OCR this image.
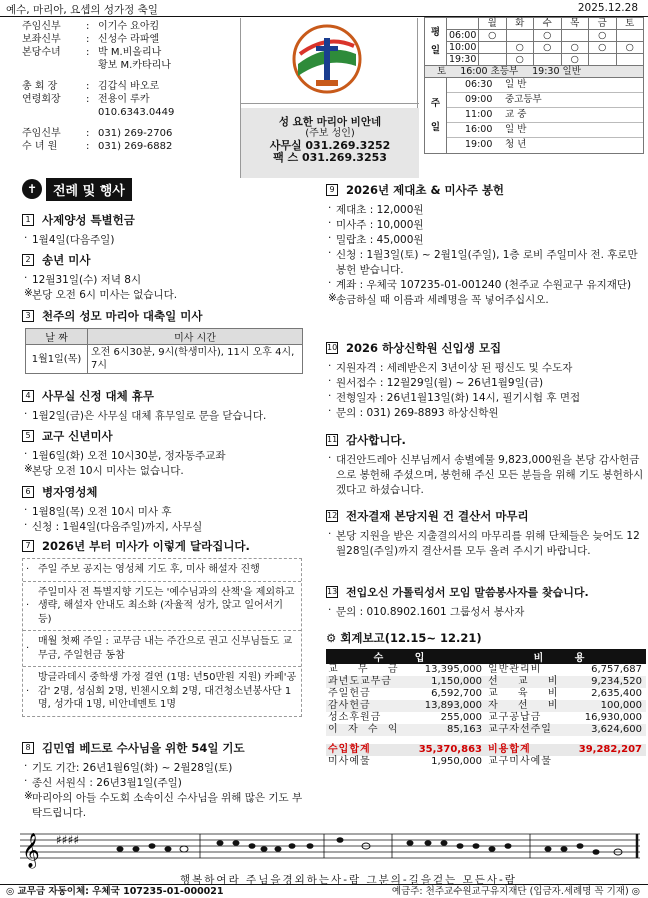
예수, 마리아, 요셉의 성가정 축일	2025.12.28
주임신부	: 이기수 요아킴
보좌신부	: 신성수 라파엘
본당수녀	: 박 M.비올리나
황보 M.카타리나
총 회 장	: 김갑식 바오로
연령회장	: 전용이 루카
010.6343.0449
주임신부	: 031) 269-2706
수 녀 원	: 031) 269-6882
성 요한 마리아 비안네
(주보 성인)
사무실 031.269.3252
팩 스 031.269.3253
평
일		월	화	수	목	금	토
	06:00	○		○		○	
	10:00		○	○	○	○	○
	19:30		○		○		
토 16:00 초등부 19:30 일반
주
일
06:30	일 반
09:00	중고등부
11:00	교 중
16:00	일 반
19:00	청 년
✝	전례 및 행사
1 사제양성 특별헌금
· 1월4일(다음주일)
2 송년 미사
· 12월31일(수) 저녁 8시
※ 본당 오전 6시 미사는 없습니다.
3 천주의 성모 마리아 대축일 미사
날 짜	미사 시간
1월1일(목)	오전 6시30분, 9시(학생미사), 11시 오후 4시, 7시
4 사무실 신정 대체 휴무
· 1월2일(금)은 사무실 대체 휴무일로 문을 닫습니다.
5 교구 신년미사
· 1월6일(화) 오전 10시30분, 정자동주교좌
※ 본당 오전 10시 미사는 없습니다.
6 병자영성체
· 1월8일(목) 오전 10시 미사 후
· 신청 : 1월4일(다음주일)까지, 사무실
7 2026년 부터 미사가 이렇게 달라집니다.
· 주일 주보 공지는 영성체 기도 후, 미사 해설자 진행
·
주일미사 전 특별지향 기도는 '예수님과의 산책'을 제외하고 생략, 해설자 안내도 최소화 (자율적 성가, 앉고 일어서기 등)
·
매월 첫째 주일 : 교무금 내는 주간으로 권고 신부님들도 교무금, 주일헌금 동참
·
방글라데시 중학생 가정 결연 (1명: 년50만원 지원) 카페'공감' 2명, 성심회 2명, 빈첸시오회 2명, 대건청소년봉사단 1명, 성가대 1명, 비안네멘토 1명
8 김민엽 베드로 수사님을 위한 54일 기도
· 기도 기간: 26년1월6일(화) ~ 2월28일(토)
· 종신 서원식 : 26년3월1일(주일)
※ 마리아의 아들 수도회 소속이신 수사님을 위해 많은 기도 부탁드립니다.
9 2026년 제대초 & 미사주 봉헌
· 제대초 : 12,000원
· 미사주 : 10,000원
· 밀랍초 : 45,000원
· 신청 : 1월3일(토) ~ 2월1일(주일), 1층 로비 주일미사 전. 후로만 봉헌 받습니다.
· 계좌 : 우체국 107235-01-001240 (천주교 수원교구 유지재단)
※ 송금하실 때 이름과 세례명을 꼭 넣어주십시오.
10 2026 하상신학원 신입생 모집
· 지원자격 : 세례받은지 3년이상 된 평신도 및 수도자
· 원서접수 : 12월29일(월) ~ 26년1월9일(금)
· 전형일자 : 26년1월13일(화) 14시, 필기시험 후 면접
· 문의 : 031) 269-8893 하상신학원
11 감사합니다.
· 대건안드레아 신부님께서 송별예물 9,823,000원을 본당 감사헌금으로 봉헌해 주셨으며, 봉헌해 주신 모든 분들을 위해 기도 봉헌하시겠다고 하셨습니다.
12 전자결재 본당지원 건 결산서 마무리
· 본당 지원을 받은 지출결의서의 마무리를 위해 단체들은 늦어도 12월28일(주일)까지 결산서를 모두 올려 주시기 바랍니다.
13 전입오신 가톨릭성서 모임 말씀봉사자를 찾습니다.
· 문의 : 010.8902.1601 그룹성서 봉사자
⚙ 회계보고(12.15~ 12.21)
수 입		비 용	
교 무 금	13,395,000	일반관리비	6,757,687
과년도교무금	1,150,000	선 교 비	9,234,520
주일헌금	6,592,700	교 육 비	2,635,400
감사헌금	13,893,000	자 선 비	100,000
성소후원금	255,000	교구공납금	16,930,000
이 자 수 익	85,163	교구자선주일	3,624,600

수입합계	35,370,863	비용합계	39,282,207
미사예물	1,950,000	교구미사예물	
𝄞 ♯♯♯♯
행복하여라 주님을경외하는사-람 그분의-길을걷는 모든사-람
◎ 교무금 자동이체: 우체국 107235-01-000021	예금주: 천주교수원교구유지재단 (입금자.세례명 꼭 기재) ◎
